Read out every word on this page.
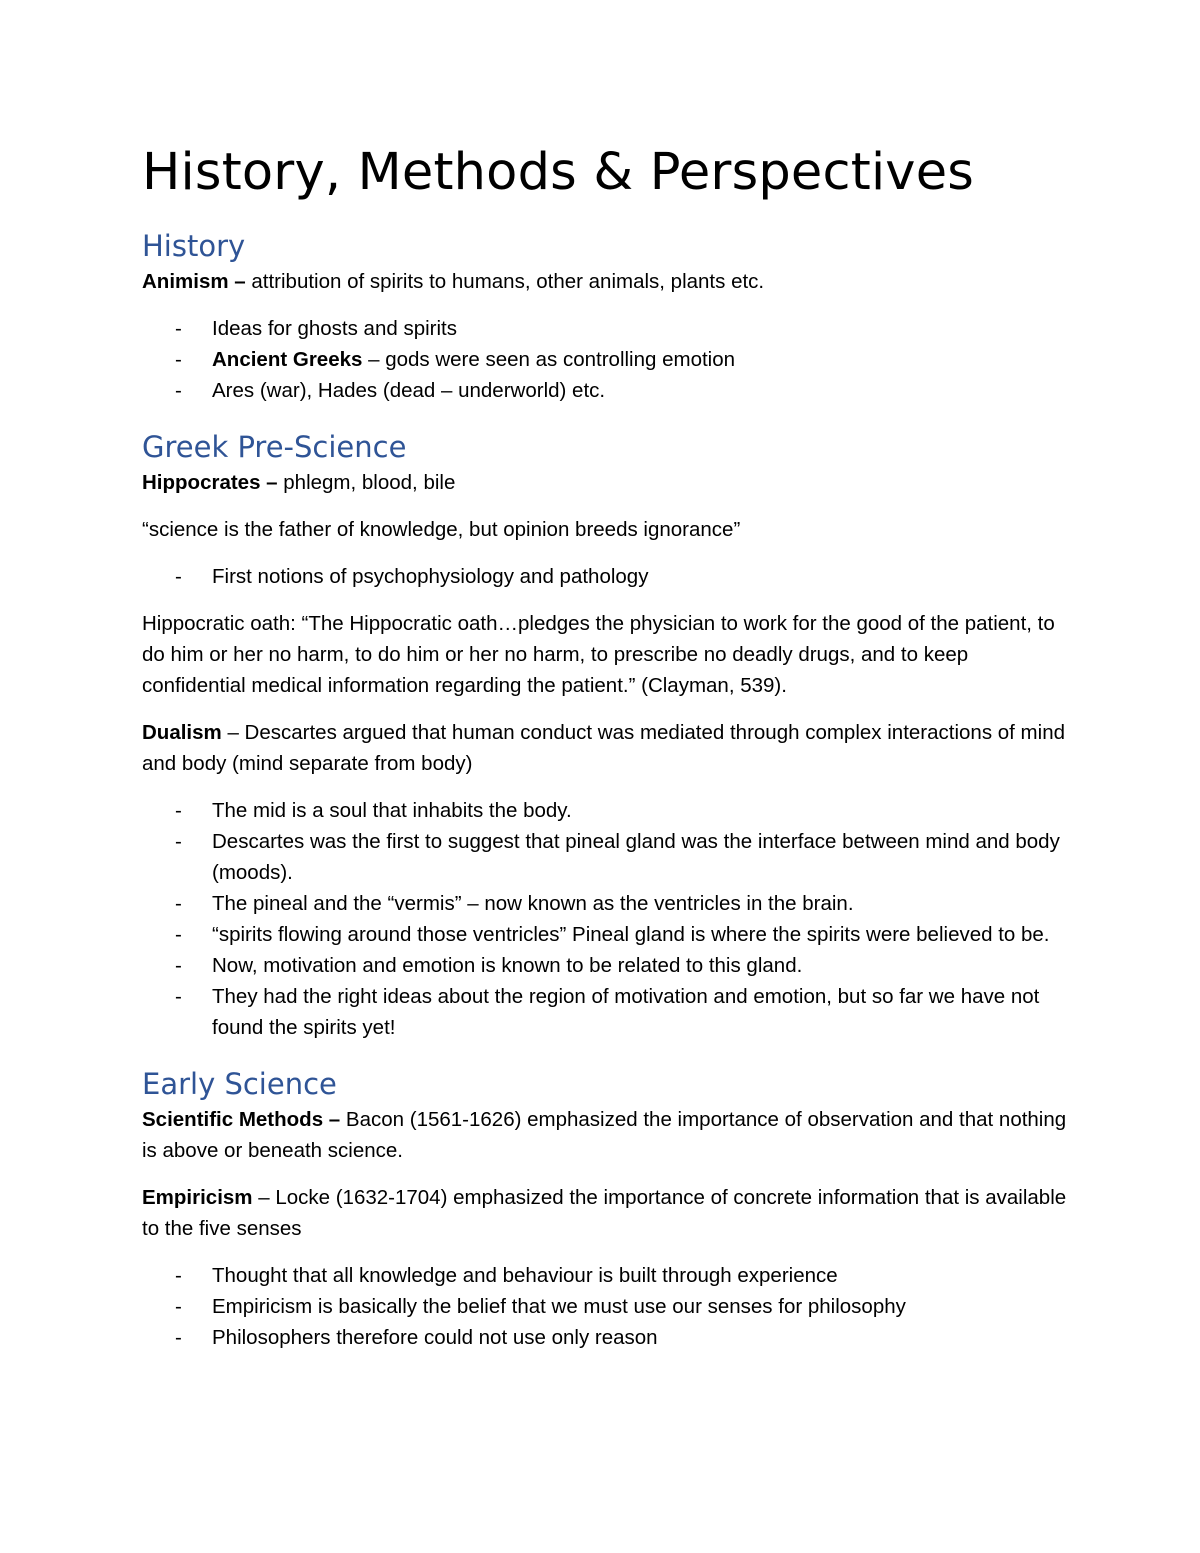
History, Methods & Perspectives
History

Animism – attribution of spirits to humans, other animals, plants etc.

- Ideas for ghosts and spirits
- Ancient Greeks – gods were seen as controlling emotion
- Ares (war), Hades (dead – underworld) etc.
Greek Pre-Science

Hippocrates – phlegm, blood, bile

“science is the father of knowledge, but opinion breeds ignorance”

- First notions of psychophysiology and pathology

Hippocratic oath: “The Hippocratic oath…pledges the physician to work for the good of the patient, to do him or her no harm, to do him or her no harm, to prescribe no deadly drugs, and to keep confidential medical information regarding the patient.” (Clayman, 539).

Dualism – Descartes argued that human conduct was mediated through complex interactions of mind and body (mind separate from body)

- The mid is a soul that inhabits the body.
- Descartes was the first to suggest that pineal gland was the interface between mind and body (moods).
- The pineal and the “vermis” – now known as the ventricles in the brain.
- “spirits flowing around those ventricles” Pineal gland is where the spirits were believed to be.
- Now, motivation and emotion is known to be related to this gland.
- They had the right ideas about the region of motivation and emotion, but so far we have not found the spirits yet!
Early Science

Scientific Methods – Bacon (1561-1626) emphasized the importance of observation and that nothing is above or beneath science.

Empiricism – Locke (1632-1704) emphasized the importance of concrete information that is available to the five senses

- Thought that all knowledge and behaviour is built through experience
- Empiricism is basically the belief that we must use our senses for philosophy
- Philosophers therefore could not use only reason
